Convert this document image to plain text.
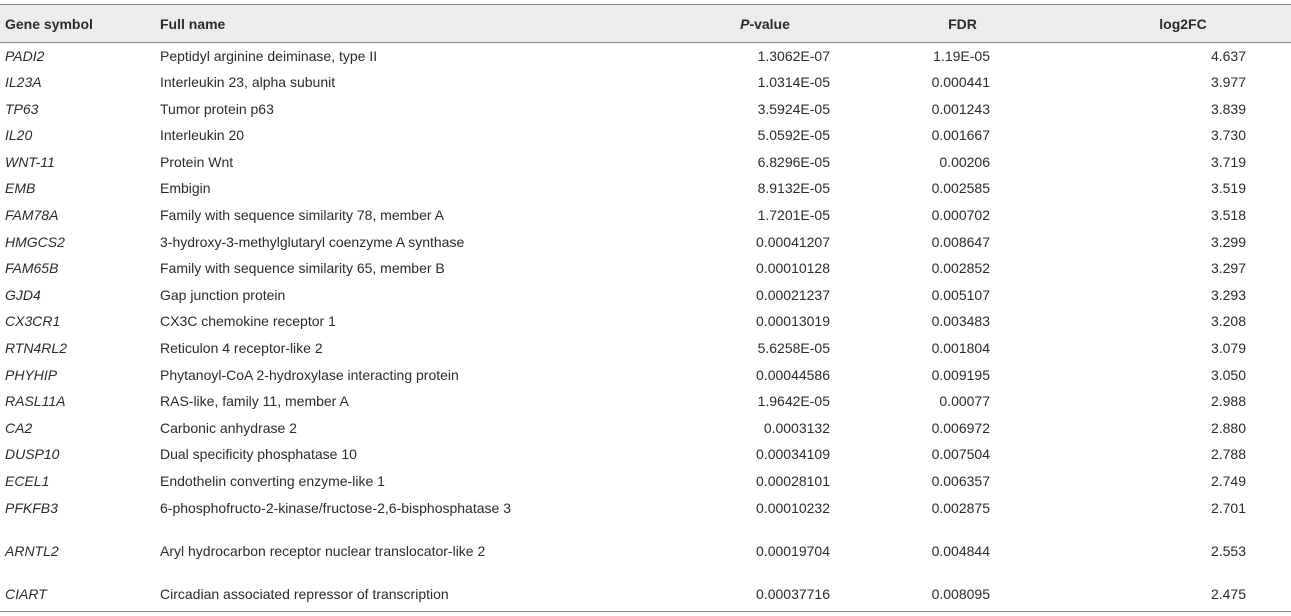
Gene symbol	Full name	P-value	FDR	log2FC
PADI2	Peptidyl arginine deiminase, type II	1.3062E-07	1.19E-05	4.637
IL23A	Interleukin 23, alpha subunit	1.0314E-05	0.000441	3.977
TP63	Tumor protein p63	3.5924E-05	0.001243	3.839
IL20	Interleukin 20	5.0592E-05	0.001667	3.730
WNT-11	Protein Wnt	6.8296E-05	0.00206	3.719
EMB	Embigin	8.9132E-05	0.002585	3.519
FAM78A	Family with sequence similarity 78, member A	1.7201E-05	0.000702	3.518
HMGCS2	3-hydroxy-3-methylglutaryl coenzyme A synthase	0.00041207	0.008647	3.299
FAM65B	Family with sequence similarity 65, member B	0.00010128	0.002852	3.297
GJD4	Gap junction protein	0.00021237	0.005107	3.293
CX3CR1	CX3C chemokine receptor 1	0.00013019	0.003483	3.208
RTN4RL2	Reticulon 4 receptor-like 2	5.6258E-05	0.001804	3.079
PHYHIP	Phytanoyl-CoA 2-hydroxylase interacting protein	0.00044586	0.009195	3.050
RASL11A	RAS-like, family 11, member A	1.9642E-05	0.00077	2.988
CA2	Carbonic anhydrase 2	0.0003132	0.006972	2.880
DUSP10	Dual specificity phosphatase 10	0.00034109	0.007504	2.788
ECEL1	Endothelin converting enzyme-like 1	0.00028101	0.006357	2.749
PFKFB3	6-phosphofructo-2-kinase/fructose-2,6-bisphosphatase 3	0.00010232	0.002875	2.701
ARNTL2	Aryl hydrocarbon receptor nuclear translocator-like 2	0.00019704	0.004844	2.553
CIART	Circadian associated repressor of transcription	0.00037716	0.008095	2.475
